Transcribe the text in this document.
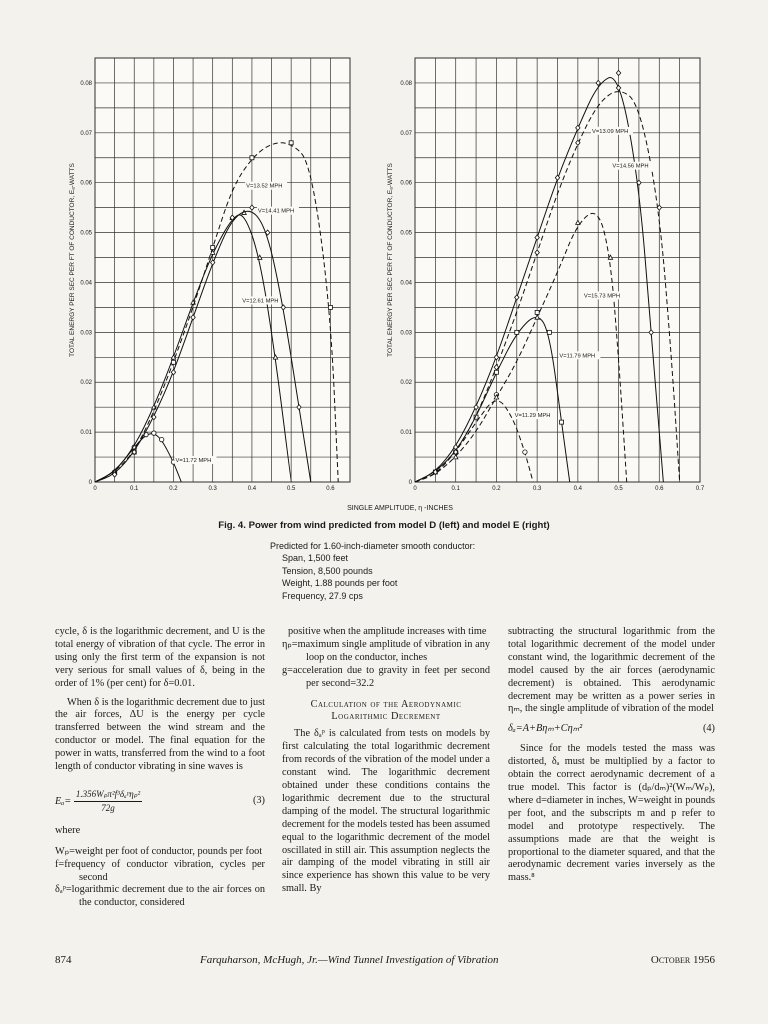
0	0.1	0.2	0.3	0.4	0.5	0.6
0
0.01
0.02
0.03
0.04
0.05
0.06
0.07
0.08
V=11.72 MPH
V=12.61 MPH
V=13.52 MPH
V=14.41 MPH
0	0.1	0.2	0.3	0.4	0.5	0.6	0.7
0
0.01
0.02
0.03
0.04
0.05
0.06
0.07
0.08
V=11.29 MPH
V=11.79 MPH
V=15.73 MPH
V=13.09 MPH
V=14.56 MPH
TOTAL ENERGY PER SEC PER FT OF CONDUCTOR, Eₐ-WATTS	TOTAL ENERGY PER SEC PER FT OF CONDUCTOR, Eₐ-WATTS
SINGLE AMPLITUDE, η -INCHES
Fig. 4. Power from wind predicted from model D (left) and model E (right)
Predicted for 1.60-inch-diameter smooth conductor:
Span, 1,500 feet
Tension, 8,500 pounds
Weight, 1.88 pounds per foot
Frequency, 27.9 cps

cycle, δ is the logarithmic decrement, and U is the total energy of vibration of that cycle. The error in using only the first term of the expansion is not very serious for small values of δ, being in the order of 1% (per cent) for δ=0.01.

When δ is the logarithmic decrement due to just the air forces, ΔU is the energy per cycle transferred between the wind stream and the conductor or model. The final equation for the power in watts, transferred from the wind to a foot length of conductor vibrating in sine waves is

$E_a= \frac{\text{1.356Wₚπ²f³δₐᵖηₚ²}}{72g}$	(3)

where

Wₚ=weight per foot of conductor, pounds per foot

f=frequency of conductor vibration, cycles per second

δₐᵖ=logarithmic decrement due to the air forces on the conductor, considered

positive when the amplitude increases with time

ηₚ=maximum single amplitude of vibration in any loop on the conductor, inches

g=acceleration due to gravity in feet per second per second=32.2

Calculation of the Aerodynamic Logarithmic Decrement

The δₐᵖ is calculated from tests on models by first calculating the total logarithmic decrement from records of the vibration of the model under a constant wind. The logarithmic decrement obtained under these conditions contains the logarithmic decrement due to the structural damping of the model. The structural logarithmic decrement for the models tested has been assumed equal to the logarithmic decrement of the model oscillated in still air. This assumption neglects the air damping of the model vibrating in still air since experience has shown this value to be very small. By

subtracting the structural logarithmic from the total logarithmic decrement of the model under constant wind, the logarithmic decrement of the model caused by the air forces (aerodynamic decrement) is obtained. This aerodynamic decrement may be written as a power series in ηₘ, the single amplitude of vibration of the model

δₐ=A+Bηₘ+Cηₘ²	(4)

Since for the models tested the mass was distorted, δₐ must be multiplied by a factor to obtain the correct aerodynamic decrement of a true model. This factor is (dₚ/dₘ)²(Wₘ/Wₚ), where d=diameter in inches, W=weight in pounds per foot, and the subscripts m and p refer to model and prototype respectively. The assumptions made are that the weight is proportional to the diameter squared, and that the aerodynamic decrement varies inversely as the mass.⁸

874	Farquharson, McHugh, Jr.—Wind Tunnel Investigation of Vibration	October 1956
